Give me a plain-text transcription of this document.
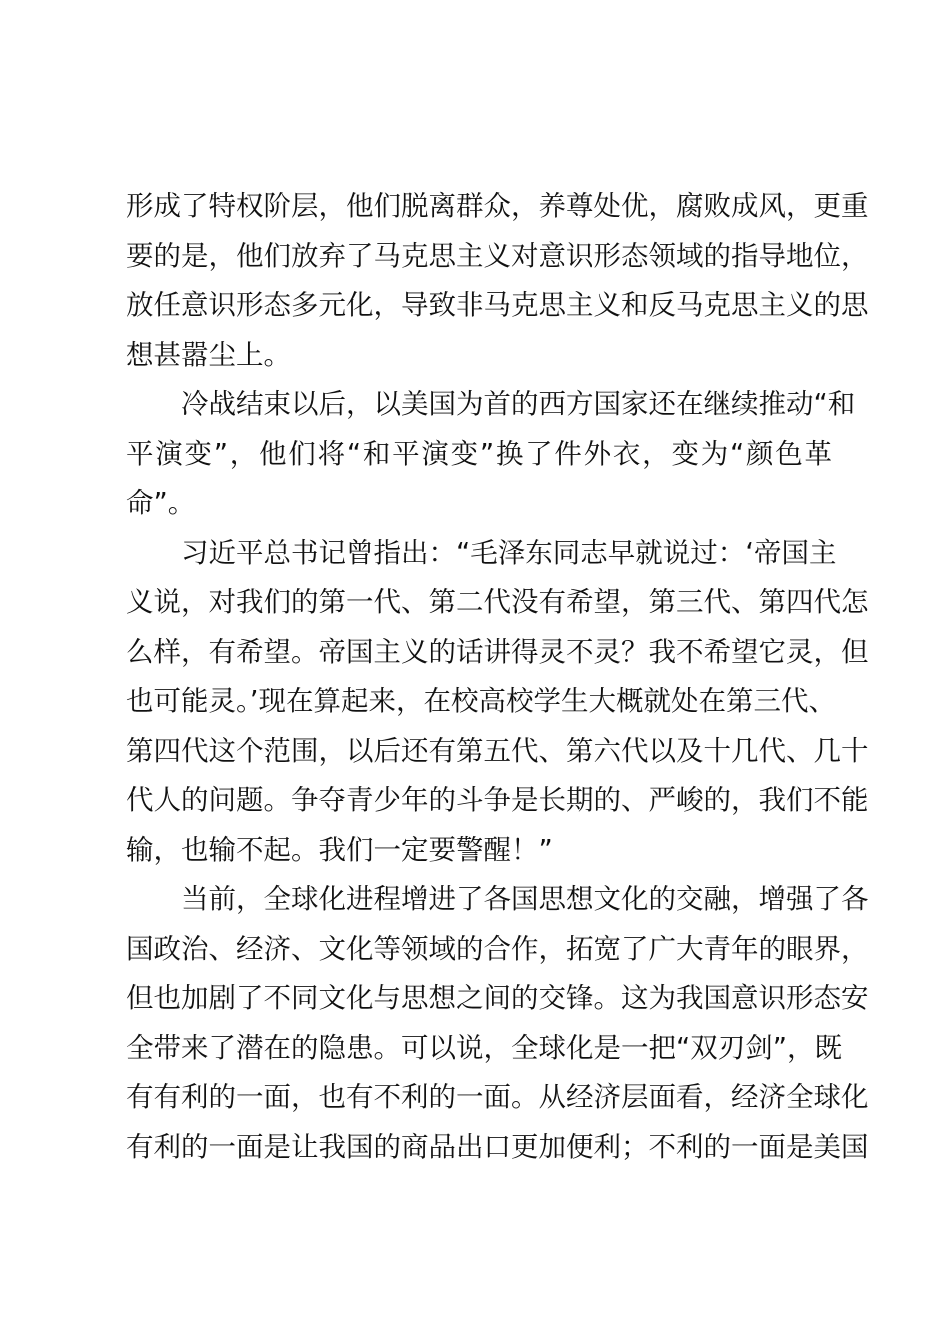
形成了特权阶层，他们脱离群众，养尊处优，腐败成风，更重
要的是，他们放弃了马克思主义对意识形态领域的指导地位，
放任意识形态多元化，导致非马克思主义和反马克思主义的思
想甚嚣尘上。
冷战结束以后，以美国为首的西方国家还在继续推动“和
平演变”，他们将“和平演变”换了件外衣，变为“颜色革
命”。
习近平总书记曾指出：“毛泽东同志早就说过：‘帝国主
义说，对我们的第一代、第二代没有希望，第三代、第四代怎
么样，有希望。帝国主义的话讲得灵不灵？我不希望它灵，但
也可能灵。’现在算起来，在校高校学生大概就处在第三代、
第四代这个范围，以后还有第五代、第六代以及十几代、几十
代人的问题。争夺青少年的斗争是长期的、严峻的，我们不能
输，也输不起。我们一定要警醒！”
当前，全球化进程增进了各国思想文化的交融，增强了各
国政治、经济、文化等领域的合作，拓宽了广大青年的眼界，
但也加剧了不同文化与思想之间的交锋。这为我国意识形态安
全带来了潜在的隐患。可以说，全球化是一把“双刃剑”，既
有有利的一面，也有不利的一面。从经济层面看，经济全球化
有利的一面是让我国的商品出口更加便利；不利的一面是美国
